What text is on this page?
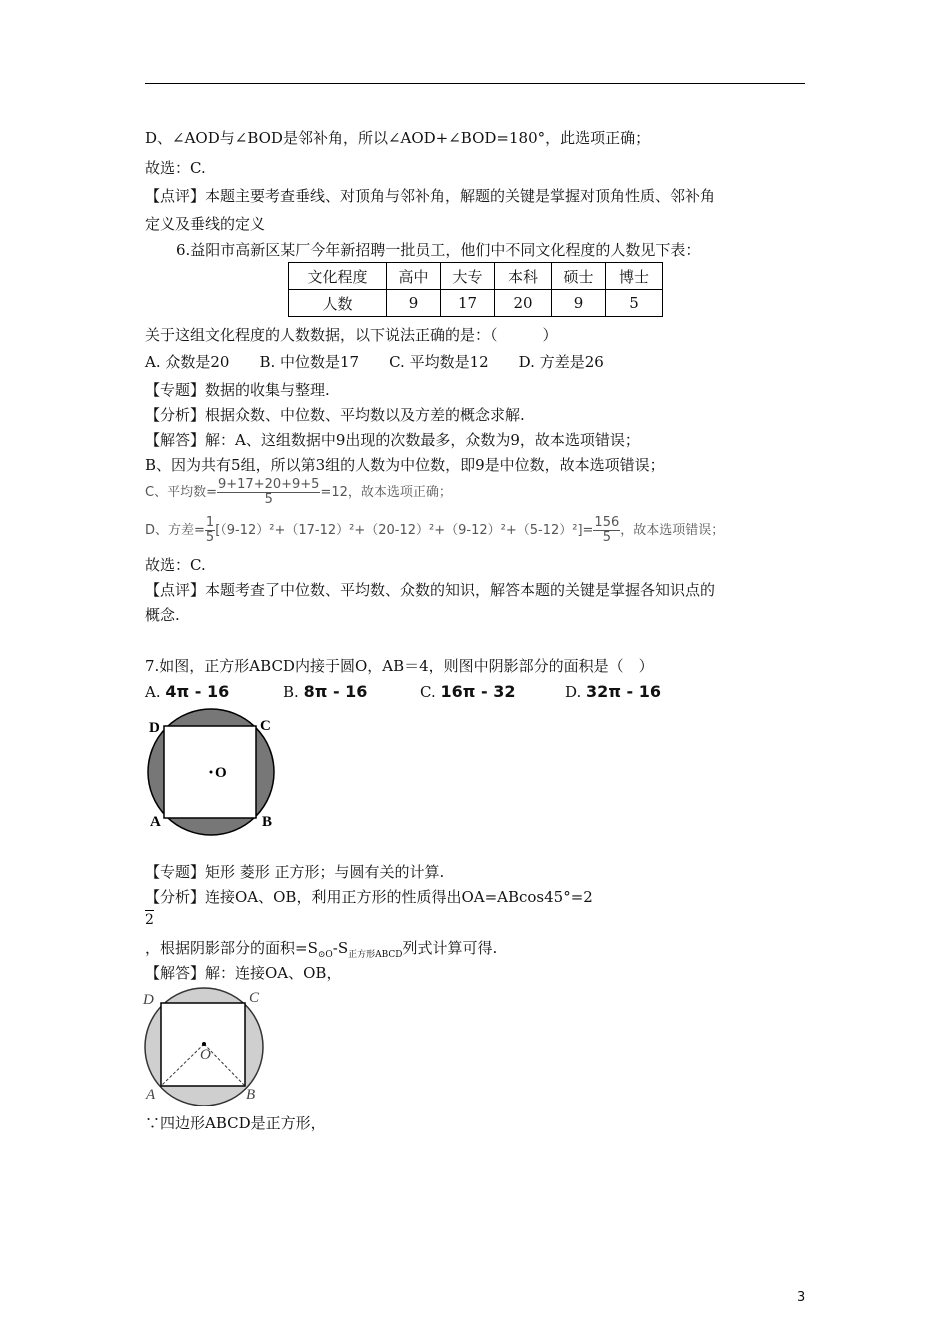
D、∠AOD与∠BOD是邻补角，所以∠AOD+∠BOD=180°，此选项正确；
故选：C.
【点评】本题主要考查垂线、对顶角与邻补角，解题的关键是掌握对顶角性质、邻补角
定义及垂线的定义
6.益阳市高新区某厂今年新招聘一批员工，他们中不同文化程度的人数见下表：
文化程度	高中	大专	本科	硕士	博士
人数	9	17	20	9	5
关于这组文化程度的人数数据，以下说法正确的是：（　　　）
A. 众数是20　　B. 中位数是17　　C. 平均数是12　　D. 方差是26
【专题】数据的收集与整理.
【分析】根据众数、中位数、平均数以及方差的概念求解.
【解答】解：A、这组数据中9出现的次数最多，众数为9，故本选项错误；
B、因为共有5组，所以第3组的人数为中位数，即9是中位数，故本选项错误；
C、平均数= $\frac{9+17+20+9+5}{5} =12$，故本选项正确；
D、方差= $\frac{1}{5} [(9-12)^2+(17-12)^2+(20-12)^2+(9-12)^2+(5-12)^2]= \frac{156}{5}$ ，故本选项错误；
故选：C.
【点评】本题考查了中位数、平均数、众数的知识，解答本题的关键是掌握各知识点的
概念.
7.如图，正方形ABCD内接于圆O，AB＝4，则图中阴影部分的面积是（　）
A. 4π - 16	B. 8π - 16	C. 16π - 32	D. 32π - 16
D	C
A	B
O
【专题】矩形 菱形 正方形；与圆有关的计算.
【分析】连接OA、OB，利用正方形的性质得出OA=ABcos45°=2
2
，根据阴影部分的面积$=S_{⊙O}-S_{正方形ABCD}$列式计算可得.
【解答】解：连接OA、OB，
D	C
A	B
O
∵四边形ABCD是正方形，
3
